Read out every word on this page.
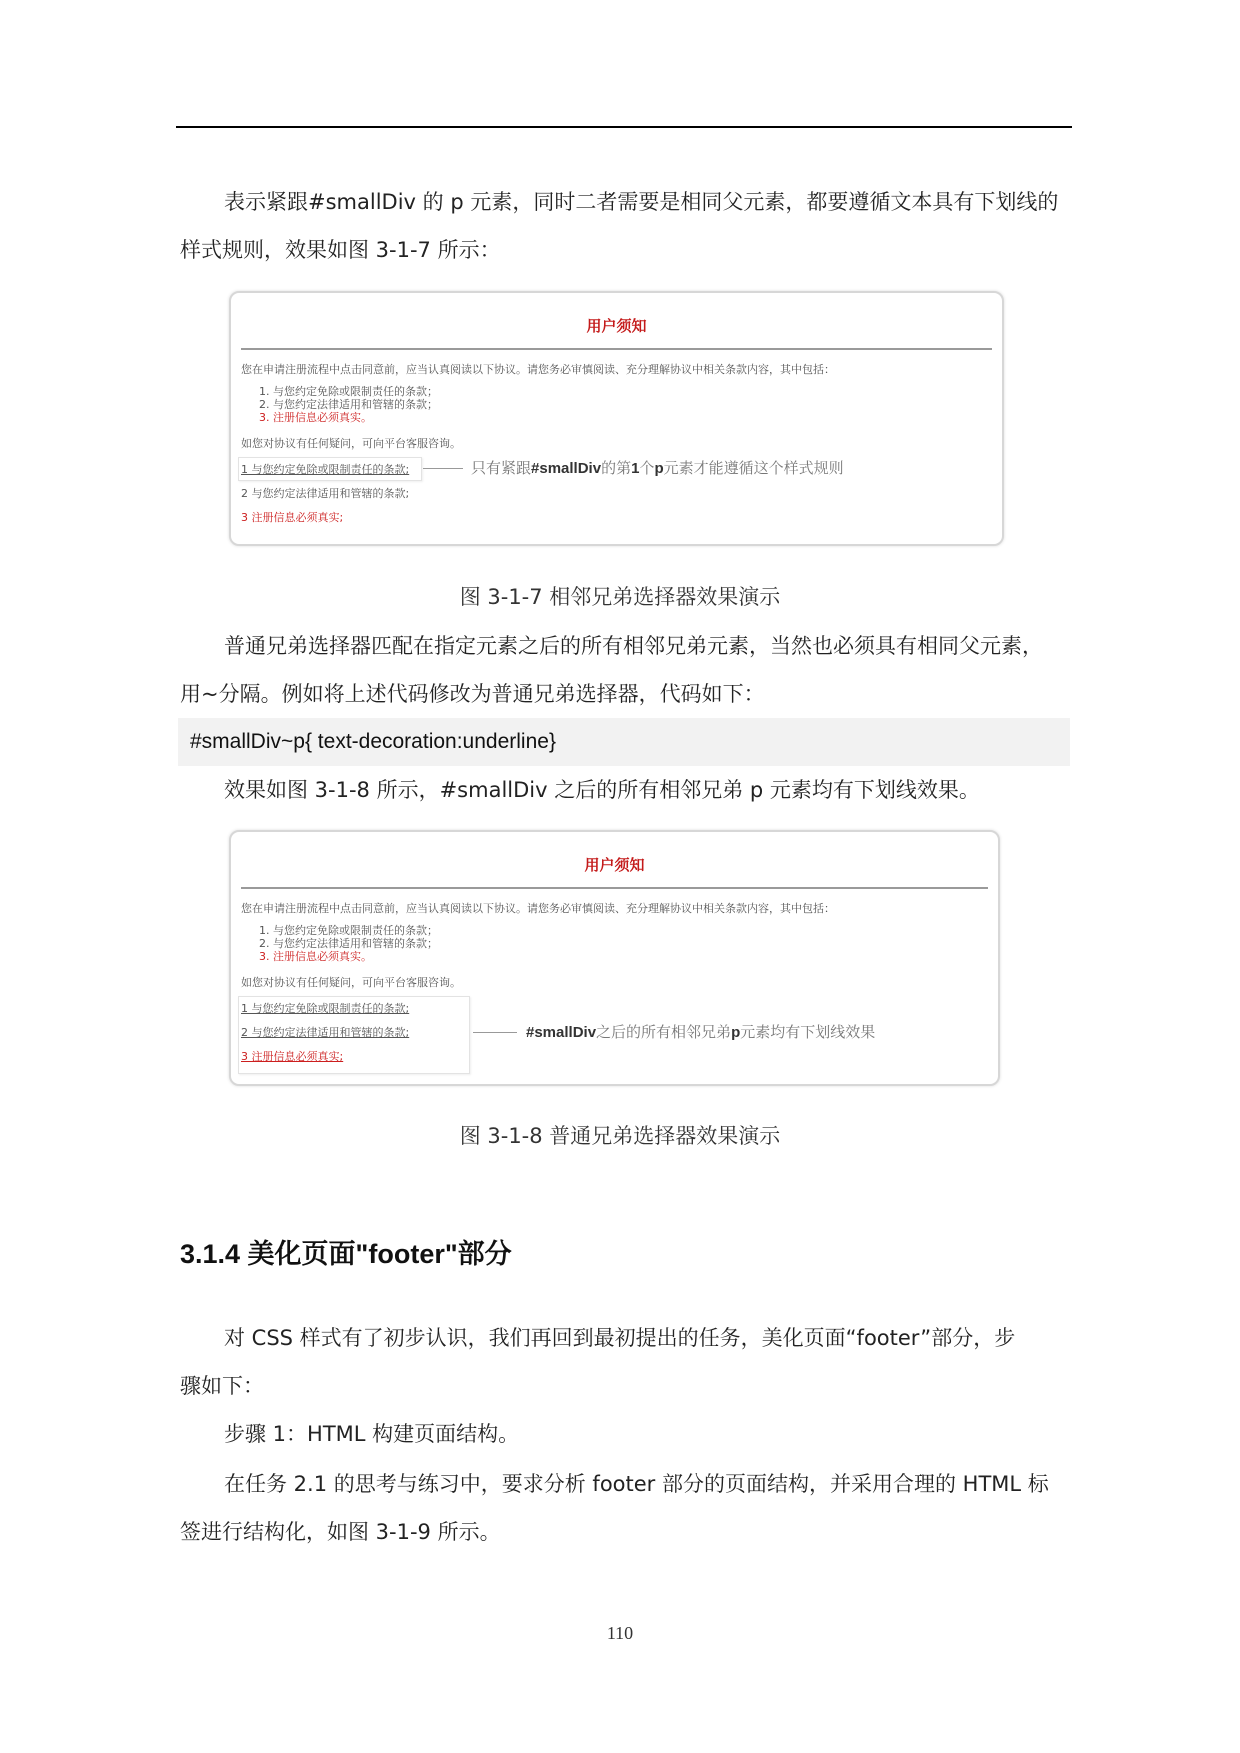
表示紧跟#smallDiv 的 p 元素，同时二者需要是相同父元素，都要遵循文本具有下划线的
样式规则，效果如图 3-1-7 所示：
用户须知
您在申请注册流程中点击同意前，应当认真阅读以下协议。请您务必审慎阅读、充分理解协议中相关条款内容，其中包括：
1. 与您约定免除或限制责任的条款；
2. 与您约定法律适用和管辖的条款；
3. 注册信息必须真实。
如您对协议有任何疑问，可向平台客服咨询。
1 与您约定免除或限制责任的条款;
2 与您约定法律适用和管辖的条款;
3 注册信息必须真实;
只有紧跟#smallDiv的第1个p元素才能遵循这个样式规则
图 3-1-7 相邻兄弟选择器效果演示
普通兄弟选择器匹配在指定元素之后的所有相邻兄弟元素，当然也必须具有相同父元素，
用~分隔。例如将上述代码修改为普通兄弟选择器，代码如下：
#smallDiv~p{ text-decoration:underline}
效果如图 3-1-8 所示，#smallDiv 之后的所有相邻兄弟 p 元素均有下划线效果。
用户须知
您在申请注册流程中点击同意前，应当认真阅读以下协议。请您务必审慎阅读、充分理解协议中相关条款内容，其中包括：
1. 与您约定免除或限制责任的条款；
2. 与您约定法律适用和管辖的条款；
3. 注册信息必须真实。
如您对协议有任何疑问，可向平台客服咨询。
1 与您约定免除或限制责任的条款;
2 与您约定法律适用和管辖的条款;
3 注册信息必须真实;
#smallDiv之后的所有相邻兄弟p元素均有下划线效果
图 3-1-8 普通兄弟选择器效果演示
3.1.4 美化页面"footer"部分
对 CSS 样式有了初步认识，我们再回到最初提出的任务，美化页面“footer”部分，步
骤如下：
步骤 1：HTML 构建页面结构。
在任务 2.1 的思考与练习中，要求分析 footer 部分的页面结构，并采用合理的 HTML 标
签进行结构化，如图 3-1-9 所示。
110
